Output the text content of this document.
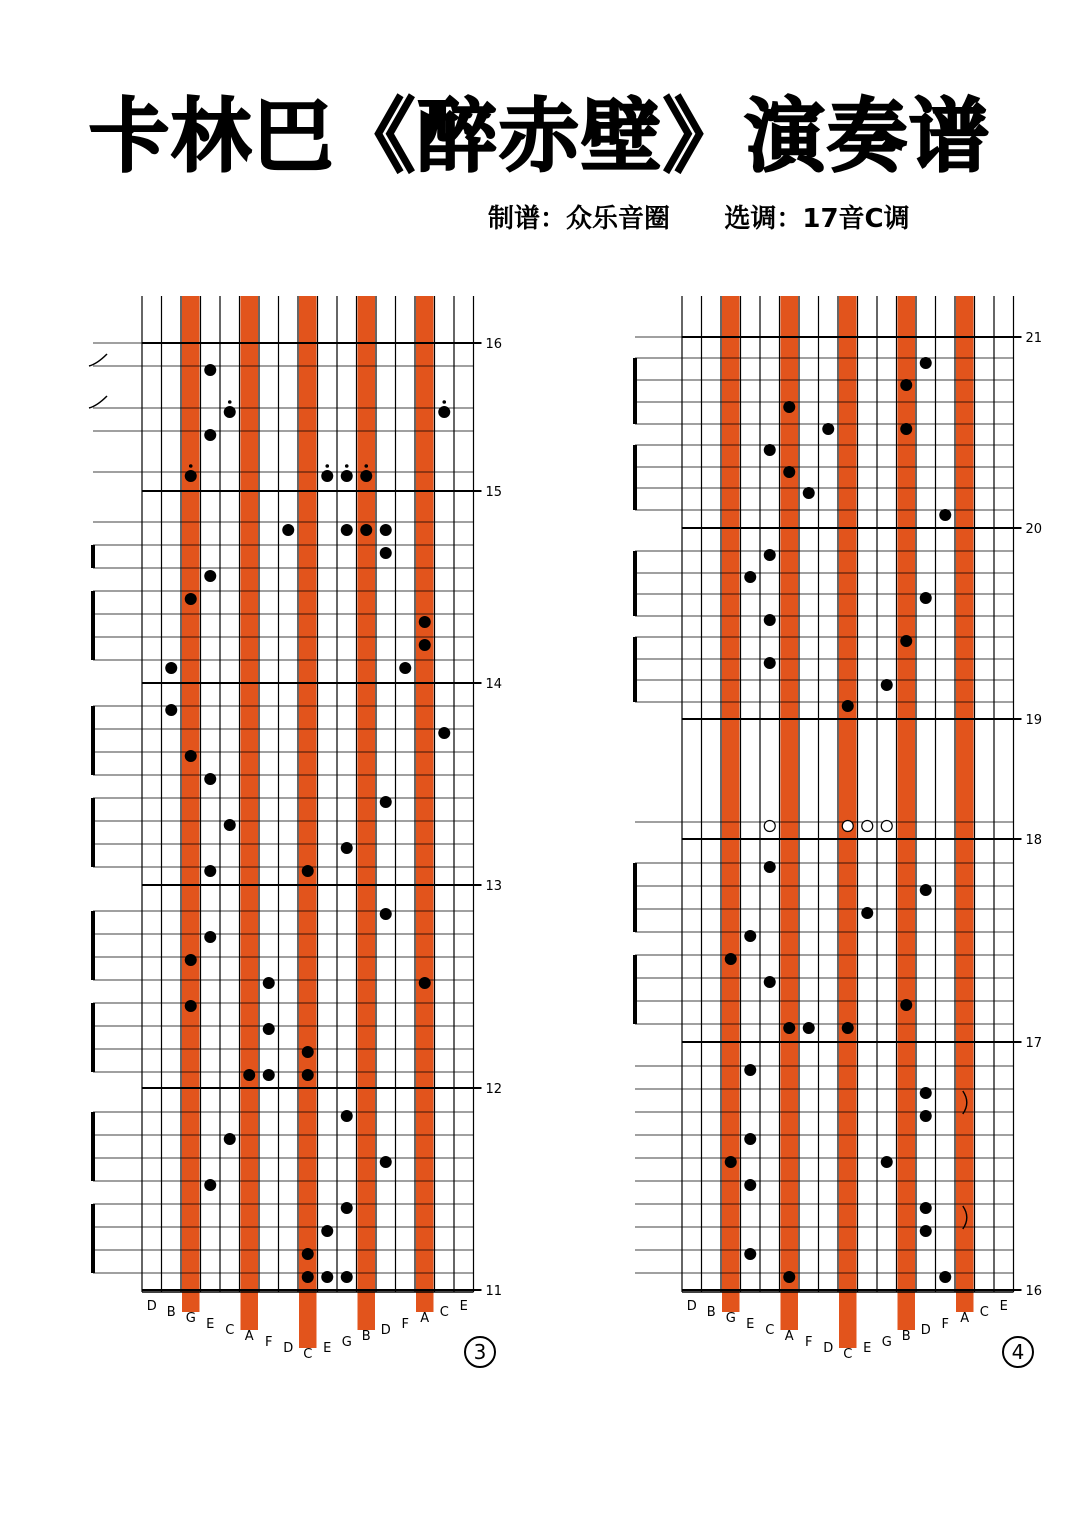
卡林巴《醉赤壁》演奏谱
制谱：众乐音圈 选调：17音C调
16
15
14
13
12
11
D B G E C A F D C E G B D F A C E
3
21
20
19
18
17
16
D B G E C A F D C E G B D F A C E
4
